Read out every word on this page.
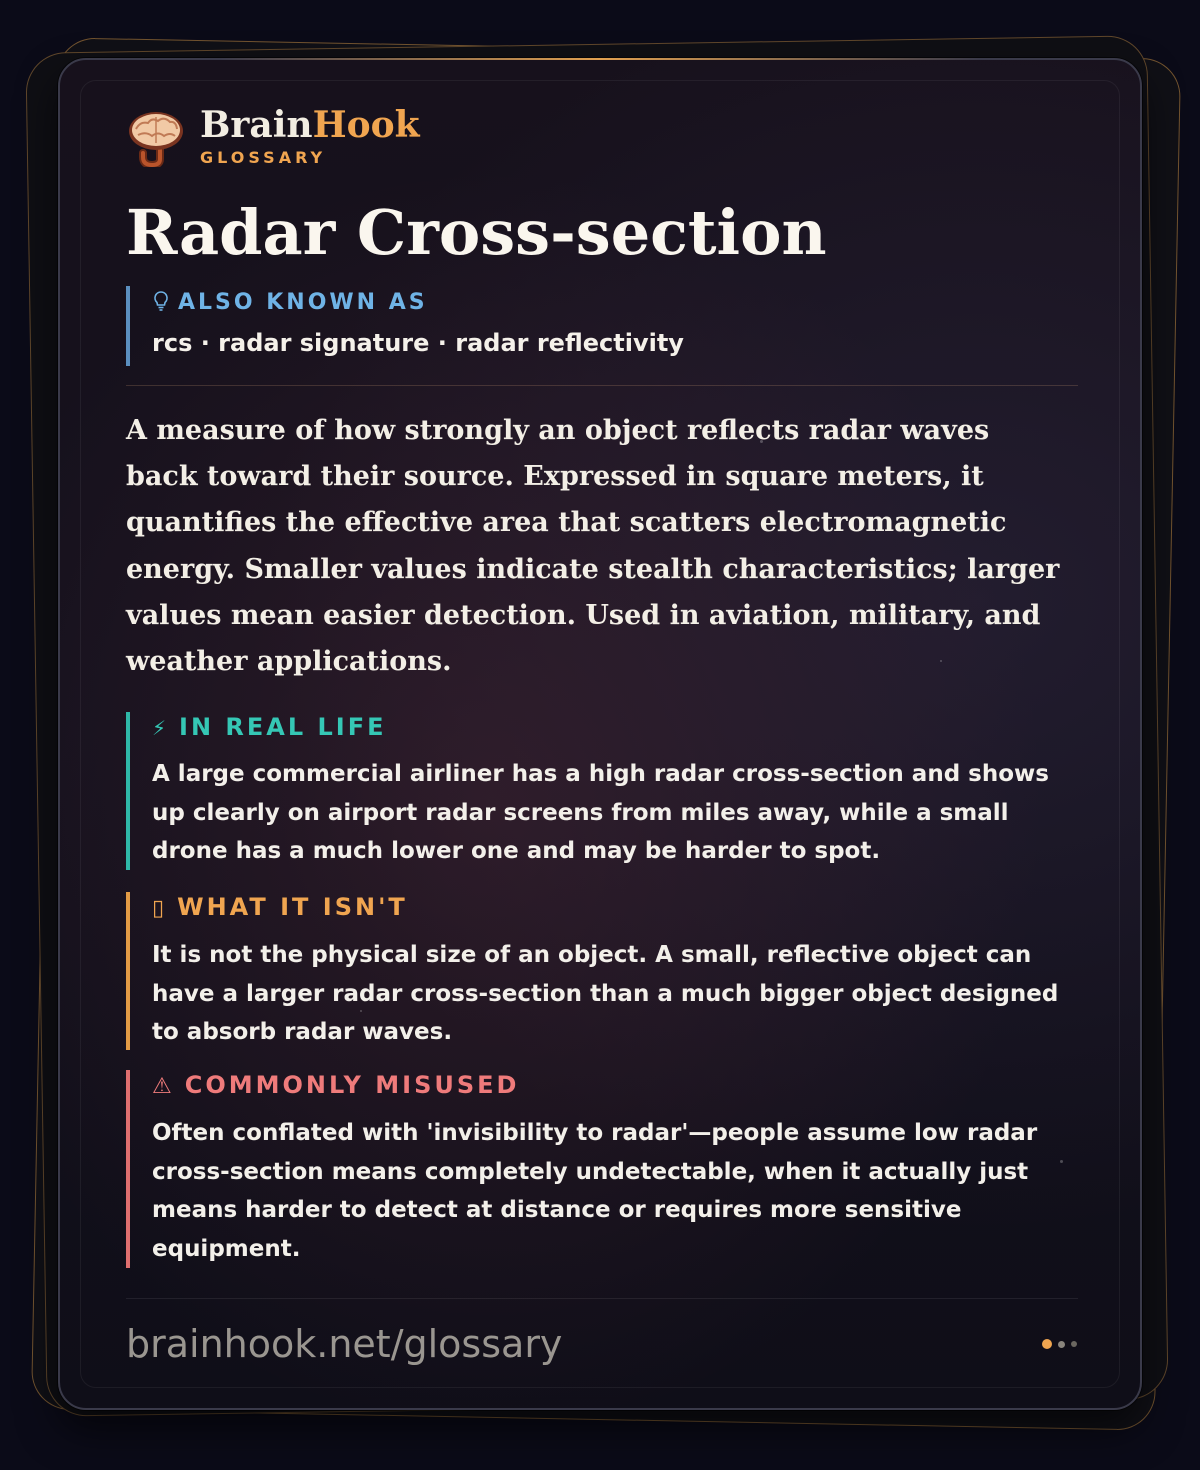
BrainHook
GLOSSARY
Radar Cross-section
ALSO KNOWN AS
rcs · radar signature · radar reflectivity

A measure of how strongly an object reflects radar waves back toward their source. Expressed in square meters, it quantifies the effective area that scatters electromagnetic energy. Smaller values indicate stealth characteristics; larger values mean easier detection. Used in aviation, military, and weather applications.

⚡ IN REAL LIFE
A large commercial airliner has a high radar cross-section and shows up clearly on airport radar screens from miles away, while a small drone has a much lower one and may be harder to spot.
▯ WHAT IT ISN'T
It is not the physical size of an object. A small, reflective object can have a larger radar cross-section than a much bigger object designed to absorb radar waves.
⚠ COMMONLY MISUSED
Often conflated with 'invisibility to radar'—people assume low radar cross-section means completely undetectable, when it actually just means harder to detect at distance or requires more sensitive equipment.
brainhook.net/glossary
